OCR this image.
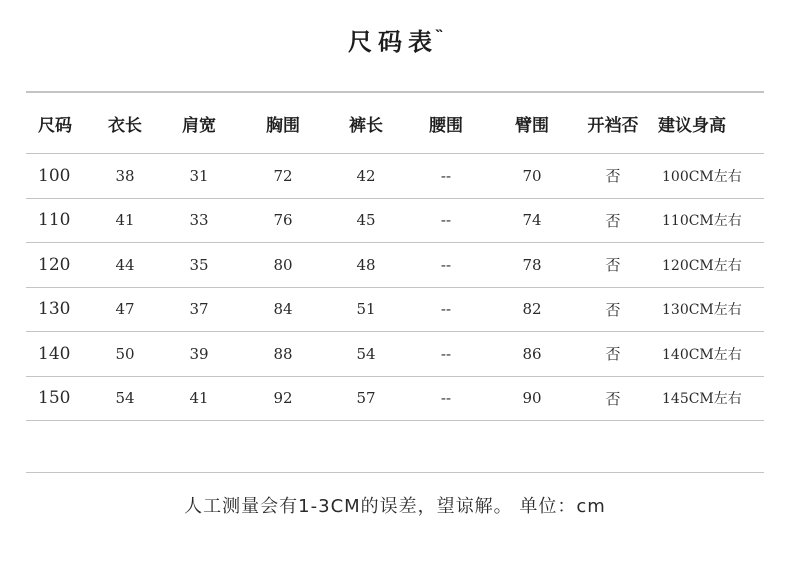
尺码表˵
尺码	衣长	肩宽	胸围	裤长	腰围	臂围	开裆否	建议身高
100	38	31	72	42	--	70	否	100CM左右
110	41	33	76	45	--	74	否	110CM左右
120	44	35	80	48	--	78	否	120CM左右
130	47	37	84	51	--	82	否	130CM左右
140	50	39	88	54	--	86	否	140CM左右
150	54	41	92	57	--	90	否	145CM左右
人工测量会有1-3CM的误差，望谅解。 单位：cm
